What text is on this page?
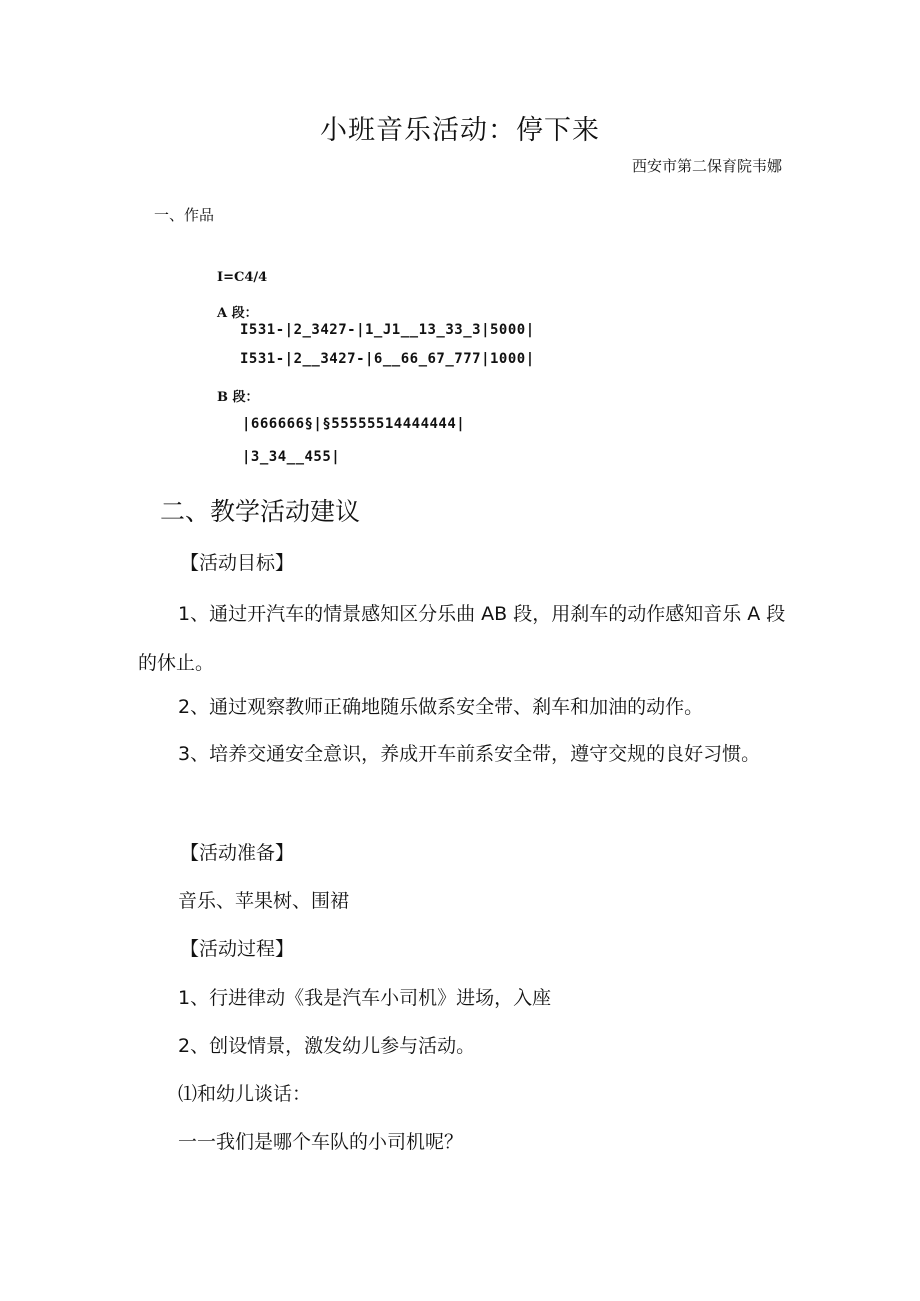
小班音乐活动：停下来
西安市第二保育院韦娜
一、作品
I=C4/4
A 段：
I531-|2_3427-|1_J1__13_33_3|5000|
I531-|2__3427-|6__66_67_777|1000|
B 段：
|666666§|§55555514444444|
|3_34__455|
二、教学活动建议
【活动目标】
1、通过开汽车的情景感知区分乐曲 AB 段，用刹车的动作感知音乐 A 段的休止。
2、通过观察教师正确地随乐做系安全带、刹车和加油的动作。
3、培养交通安全意识，养成开车前系安全带，遵守交规的良好习惯。
【活动准备】
音乐、苹果树、围裙
【活动过程】
1、行进律动《我是汽车小司机》进场，入座
2、创设情景，激发幼儿参与活动。
⑴和幼儿谈话：
一一我们是哪个车队的小司机呢？
